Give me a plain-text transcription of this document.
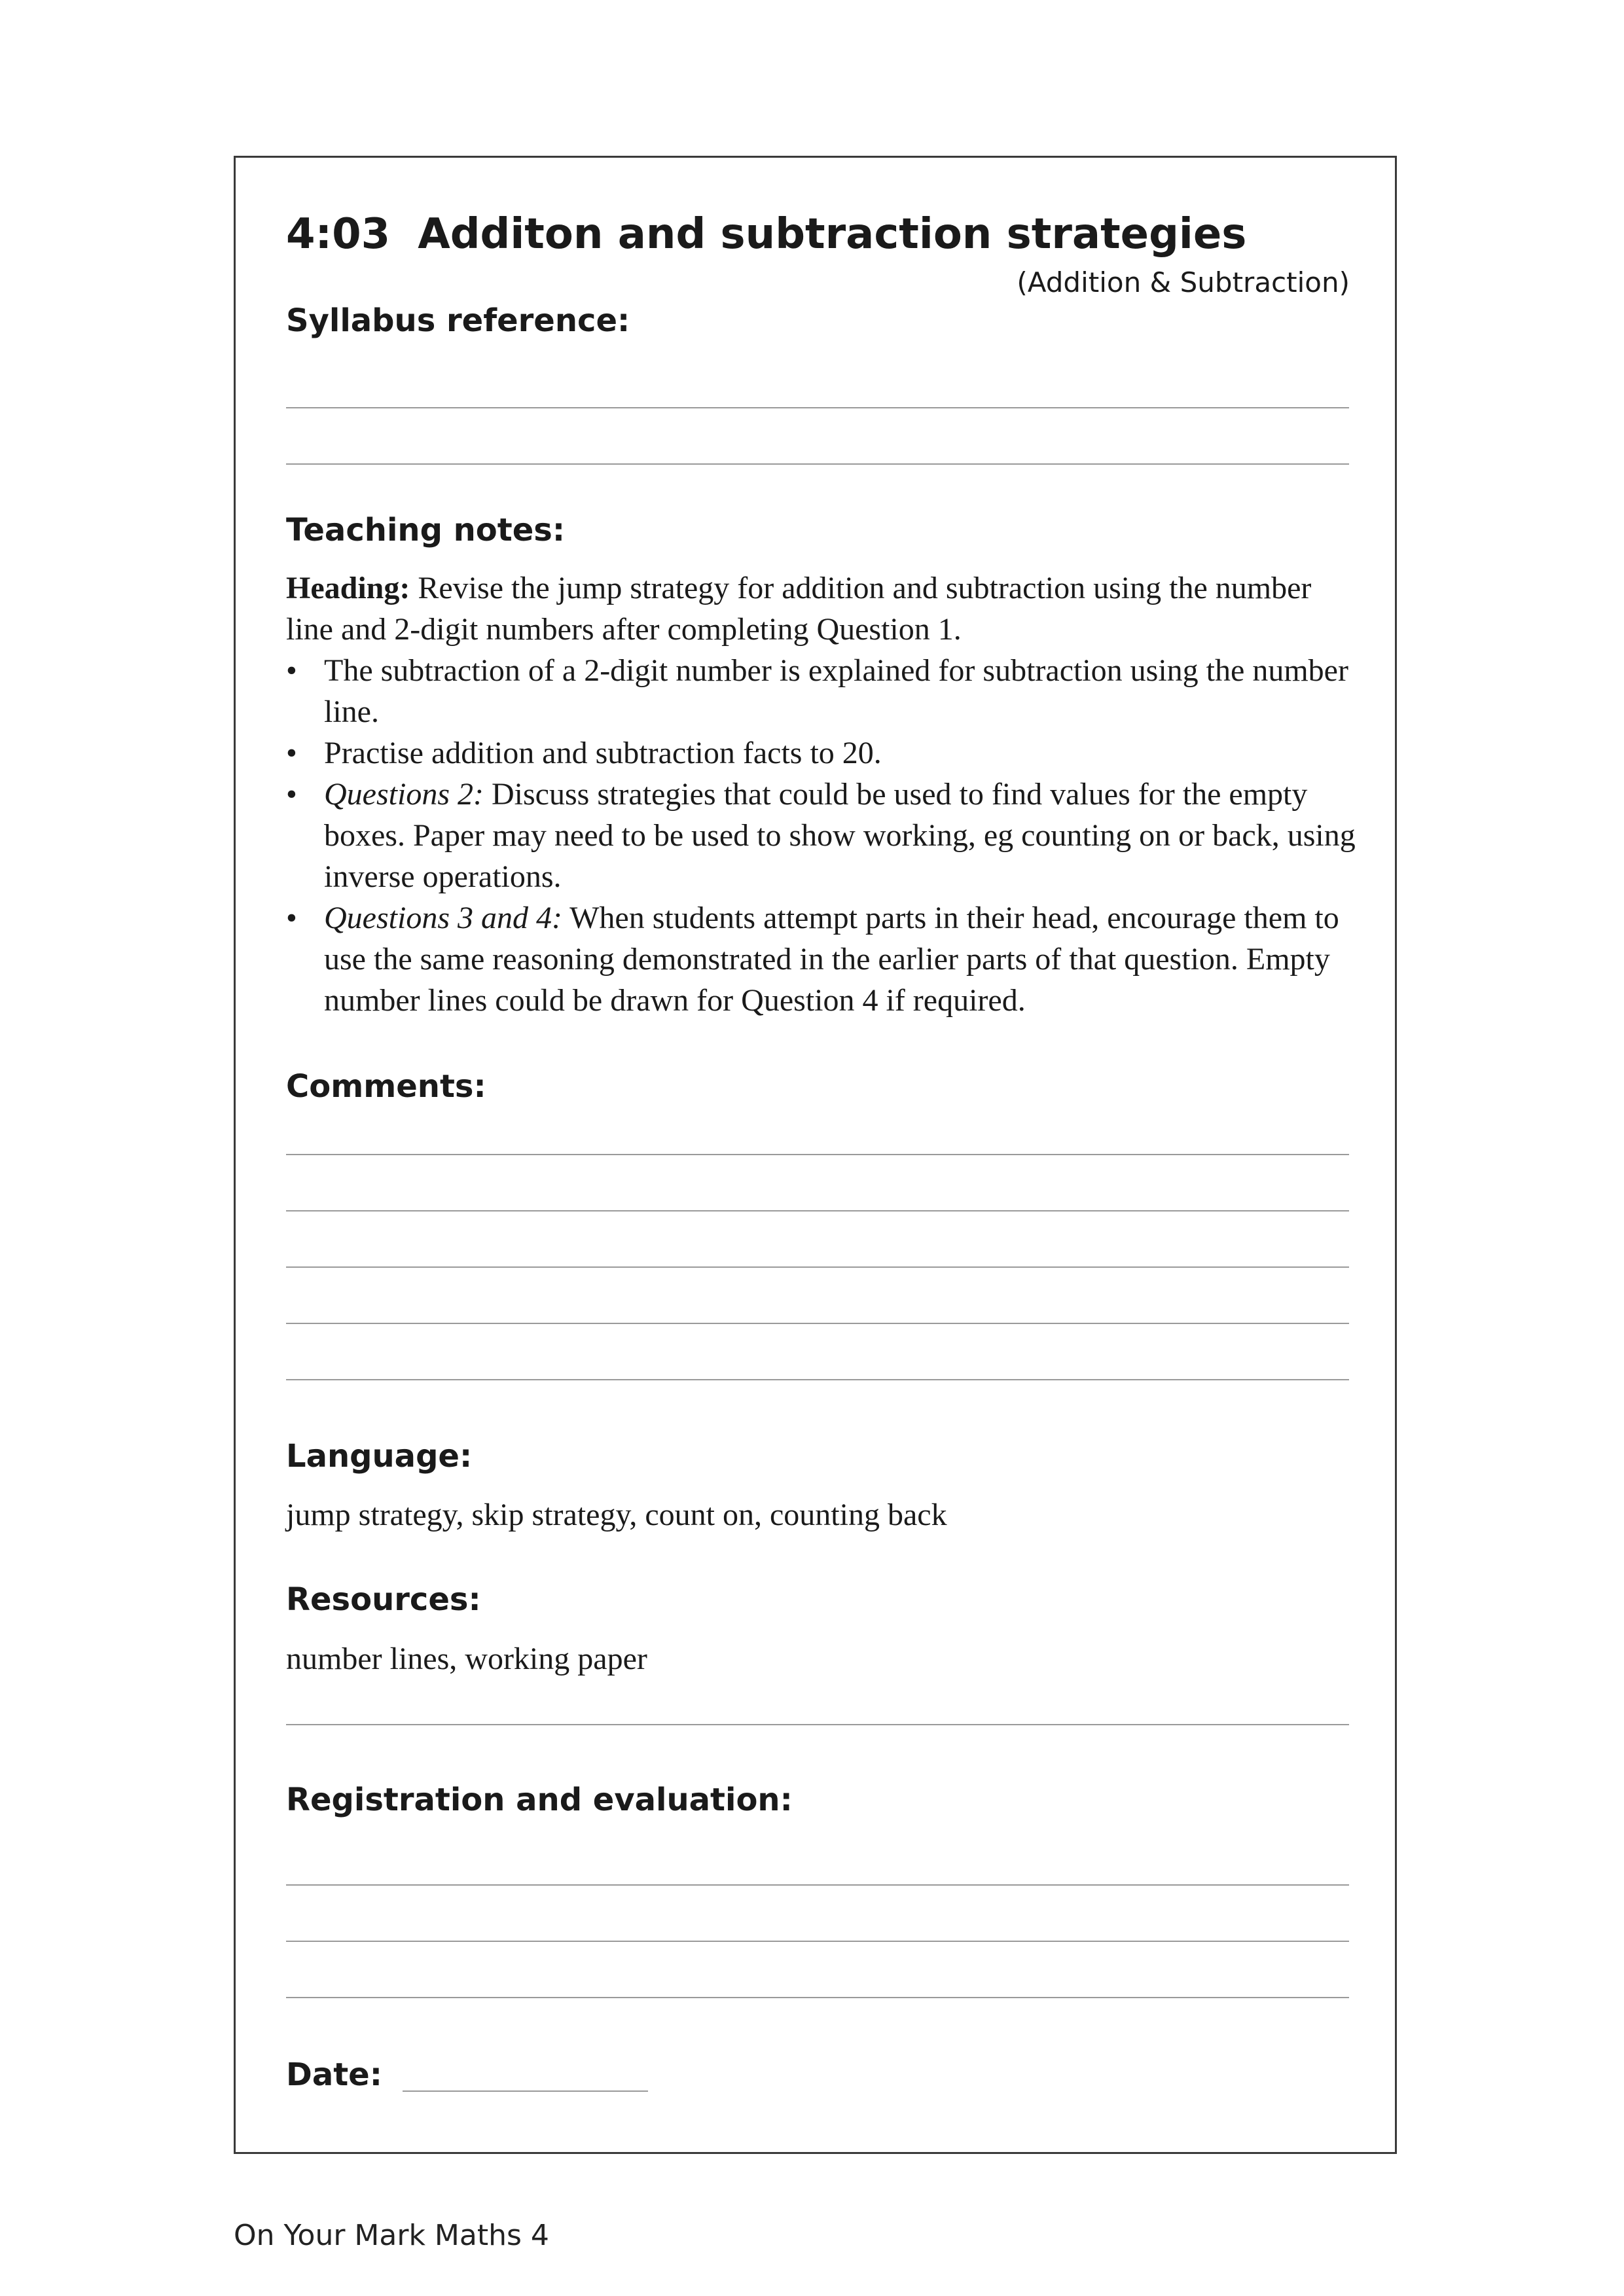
4:03 Additon and subtraction strategies
(Addition & Subtraction)
Syllabus reference:
Teaching notes:

Heading: Revise the jump strategy for addition and subtraction using the number line and 2-digit numbers after completing Question 1.

• The subtraction of a 2-digit number is explained for subtraction using the number line.
• Practise addition and subtraction facts to 20.
• Questions 2: Discuss strategies that could be used to find values for the empty boxes. Paper may need to be used to show working, eg counting on or back, using inverse operations.
• Questions 3 and 4: When students attempt parts in their head, encourage them to use the same reasoning demonstrated in the earlier parts of that question. Empty number lines could be drawn for Question 4 if required.
Comments:
Language:
jump strategy, skip strategy, count on, counting back
Resources:
number lines, working paper
Registration and evaluation:
Date:
On Your Mark Maths 4
